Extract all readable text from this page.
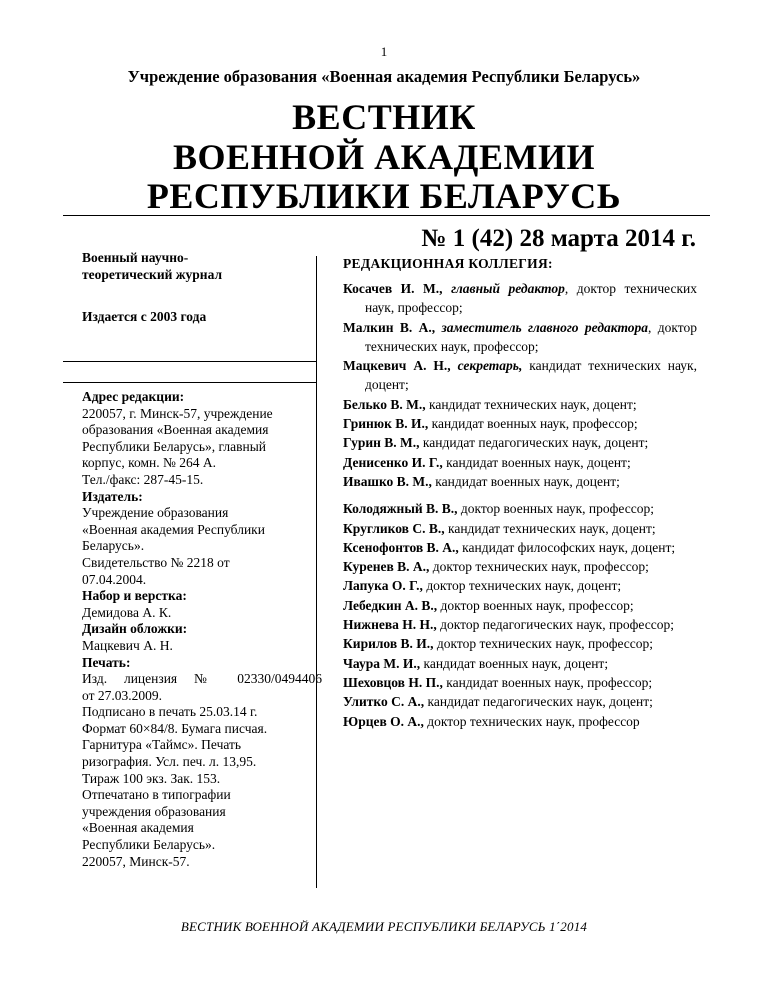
1
Учреждение образования «Военная академия Республики Беларусь»
ВЕСТНИК
ВОЕННОЙ АКАДЕМИИ
РЕСПУБЛИКИ БЕЛАРУСЬ
№ 1 (42) 28 марта 2014 г.
Военный научно-
теоретический журнал
Издается с 2003 года
Адрес редакции:
220057, г. Минск-57, учреждение
образования «Военная академия
Республики Беларусь», главный
корпус, комн. № 264 А.
Тел./факс: 287-45-15.
Издатель:
Учреждение образования
«Военная академия Республики
Беларусь».
Свидетельство № 2218 от
07.04.2004.
Набор и верстка:
Демидова А. К.
Дизайн обложки:
Мацкевич А. Н.
Печать:
Изд. лицензия № 02330/0494406
от 27.03.2009.
Подписано в печать 25.03.14 г.
Формат 60×84/8. Бумага писчая.
Гарнитура «Таймс». Печать
ризография. Усл. печ. л. 13,95.
Тираж 100 экз. Зак. 153.
Отпечатано в типографии
учреждения образования
«Военная академия
Республики Беларусь».
220057, Минск-57.
РЕДАКЦИОННАЯ КОЛЛЕГИЯ:
Косачев И. М., главный редактор, доктор технических наук, профессор;
Малкин В. А., заместитель главного редактора, доктор технических наук, профессор;
Мацкевич А. Н., секретарь, кандидат технических наук, доцент;
Белько В. М., кандидат технических наук, доцент;
Гринюк В. И., кандидат военных наук, профессор;
Гурин В. М., кандидат педагогических наук, доцент;
Денисенко И. Г., кандидат военных наук, доцент;
Ивашко В. М., кандидат военных наук, доцент;
Колодяжный В. В., доктор военных наук, профессор;
Кругликов С. В., кандидат технических наук, доцент;
Ксенофонтов В. А., кандидат философских наук, доцент;
Куренев В. А., доктор технических наук, профессор;
Лапука О. Г., доктор технических наук, доцент;
Лебедкин А. В., доктор военных наук, профессор;
Нижнева Н. Н., доктор педагогических наук, профессор;
Кирилов В. И., доктор технических наук, профессор;
Чаура М. И., кандидат военных наук, доцент;
Шеховцов Н. П., кандидат военных наук, профессор;
Улитко С. А., кандидат педагогических наук, доцент;
Юрцев О. А., доктор технических наук, профессор
ВЕСТНИК ВОЕННОЙ АКАДЕМИИ РЕСПУБЛИКИ БЕЛАРУСЬ 1΄2014
